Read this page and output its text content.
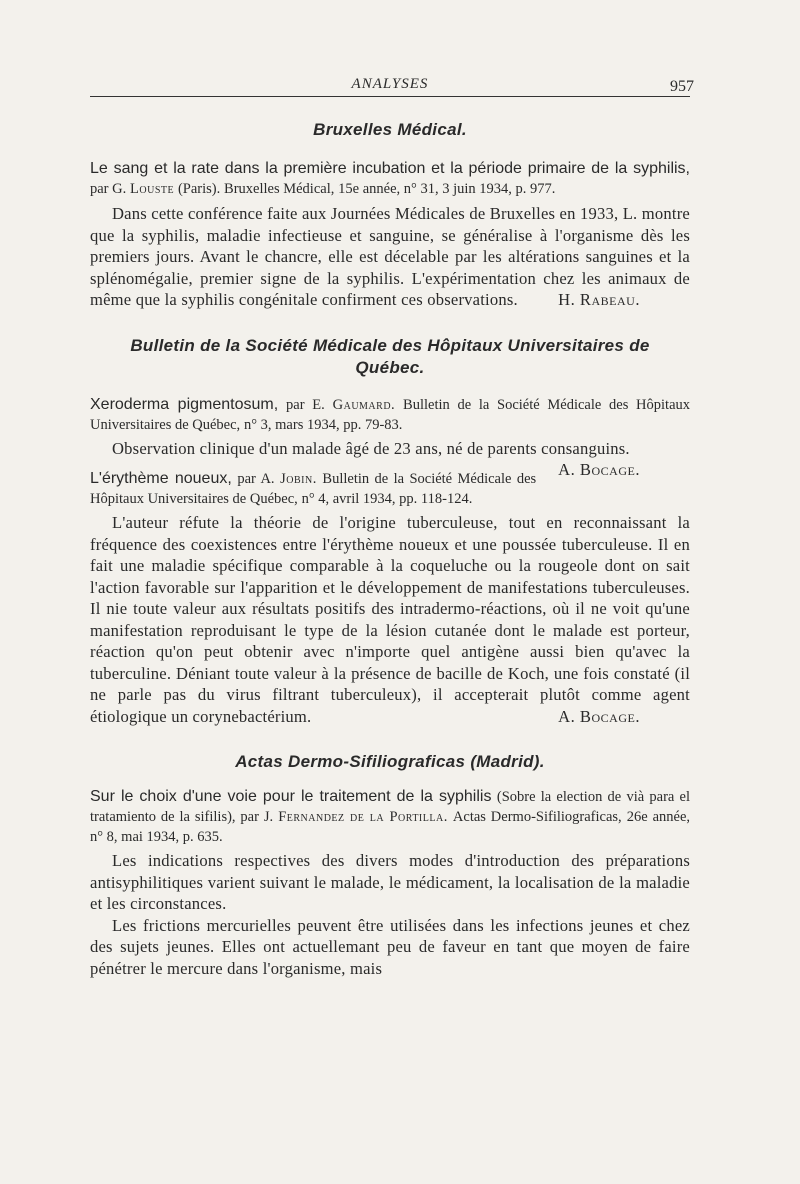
ANALYSES	957
Bruxelles Médical.
Le sang et la rate dans la première incubation et la période primaire de la syphilis, par G. Louste (Paris). Bruxelles Médical, 15e année, n° 31, 3 juin 1934, p. 977.

Dans cette conférence faite aux Journées Médicales de Bruxelles en 1933, L. montre que la syphilis, maladie infectieuse et sanguine, se généralise à l'organisme dès les premiers jours. Avant le chancre, elle est décelable par les altérations sanguines et la splénomégalie, premier signe de la syphilis. L'expérimentation chez les animaux de même que la syphilis congénitale confirment ces observations.	H. Rabeau.

Bulletin de la Société Médicale des Hôpitaux Universitaires de Québec.
Xeroderma pigmentosum, par E. Gaumard. Bulletin de la Société Médicale des Hôpitaux Universitaires de Québec, n° 3, mars 1934, pp. 79-83.

Observation clinique d'un malade âgé de 23 ans, né de parents consanguins.
A. Bocage.

L'érythème noueux, par A. Jobin. Bulletin de la Société Médicale des Hôpitaux Universitaires de Québec, n° 4, avril 1934, pp. 118-124.

L'auteur réfute la théorie de l'origine tuberculeuse, tout en reconnaissant la fréquence des coexistences entre l'érythème noueux et une poussée tuberculeuse. Il en fait une maladie spécifique comparable à la coqueluche ou la rougeole dont on sait l'action favorable sur l'apparition et le développement de manifestations tuberculeuses. Il nie toute valeur aux résultats positifs des intradermo-réactions, où il ne voit qu'une manifestation reproduisant le type de la lésion cutanée dont le malade est porteur, réaction qu'on peut obtenir avec n'importe quel antigène aussi bien qu'avec la tuberculine. Déniant toute valeur à la présence de bacille de Koch, une fois constaté (il ne parle pas du virus filtrant tuberculeux), il accepterait plutôt comme agent étiologique un corynebactérium.	A. Bocage.

Actas Dermo-Sifiliograficas (Madrid).
Sur le choix d'une voie pour le traitement de la syphilis (Sobre la election de vià para el tratamiento de la sifilis), par J. Fernandez de la Portilla. Actas Dermo-Sifiliograficas, 26e année, n° 8, mai 1934, p. 635.

Les indications respectives des divers modes d'introduction des préparations antisyphilitiques varient suivant le malade, le médicament, la localisation de la maladie et les circonstances.

Les frictions mercurielles peuvent être utilisées dans les infections jeunes et chez des sujets jeunes. Elles ont actuellemant peu de faveur en tant que moyen de faire pénétrer le mercure dans l'organisme, mais
